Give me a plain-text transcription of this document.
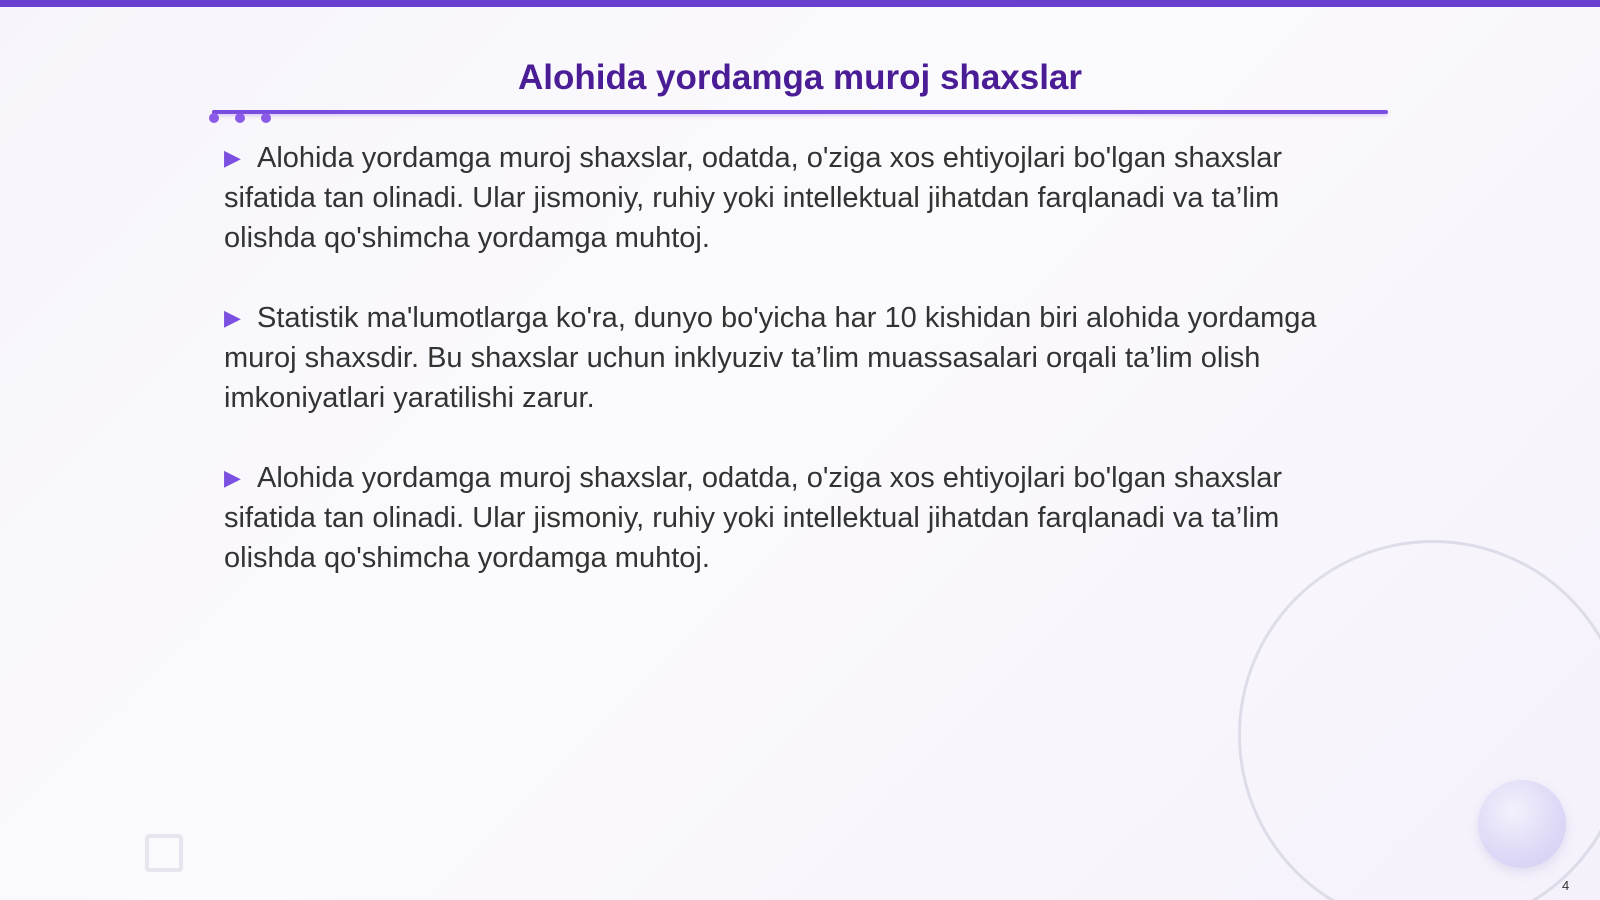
Alohida yordamga muroj shaxslar

▶ Alohida yordamga muroj shaxslar, odatda, o'ziga xos ehtiyojlari bo'lgan shaxslar sifatida tan olinadi. Ular jismoniy, ruhiy yoki intellektual jihatdan farqlanadi va ta’lim olishda qo'shimcha yordamga muhtoj.

▶ Statistik ma'lumotlarga ko'ra, dunyo bo'yicha har 10 kishidan biri alohida yordamga muroj shaxsdir. Bu shaxslar uchun inklyuziv ta’lim muassasalari orqali ta’lim olish imkoniyatlari yaratilishi zarur.

▶ Alohida yordamga muroj shaxslar, odatda, o'ziga xos ehtiyojlari bo'lgan shaxslar sifatida tan olinadi. Ular jismoniy, ruhiy yoki intellektual jihatdan farqlanadi va ta’lim olishda qo'shimcha yordamga muhtoj.

4
